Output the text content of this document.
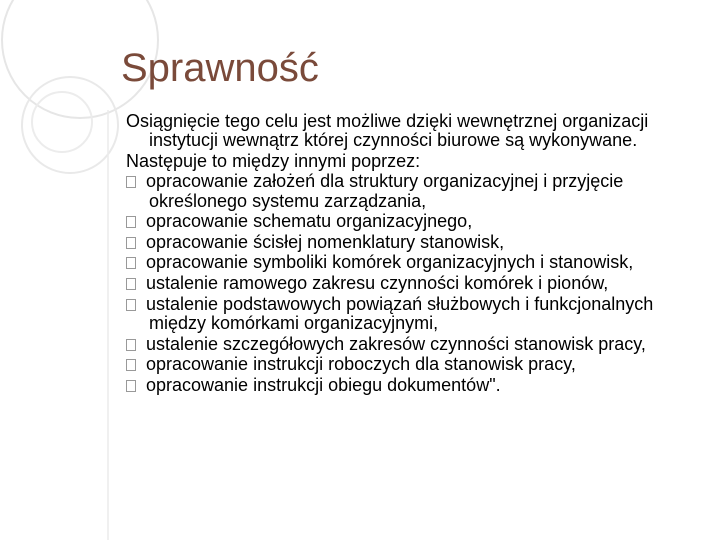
Sprawność

Osiągnięcie tego celu jest możliwe dzięki wewnętrznej organizacji instytucji wewnątrz której czynności biurowe są wykonywane.

Następuje to między innymi poprzez:

opracowanie założeń dla struktury organizacyjnej i przyjęcie określonego systemu zarządzania,

opracowanie schematu organizacyjnego,

opracowanie ścisłej nomenklatury stanowisk,

opracowanie symboliki komórek organizacyjnych i stanowisk,

ustalenie ramowego zakresu czynności komórek i pionów,

ustalenie podstawowych powiązań służbowych i funkcjonalnych między komórkami organizacyjnymi,

ustalenie szczegółowych zakresów czynności stanowisk pracy,

opracowanie instrukcji roboczych dla stanowisk pracy,

opracowanie instrukcji obiegu dokumentów".
